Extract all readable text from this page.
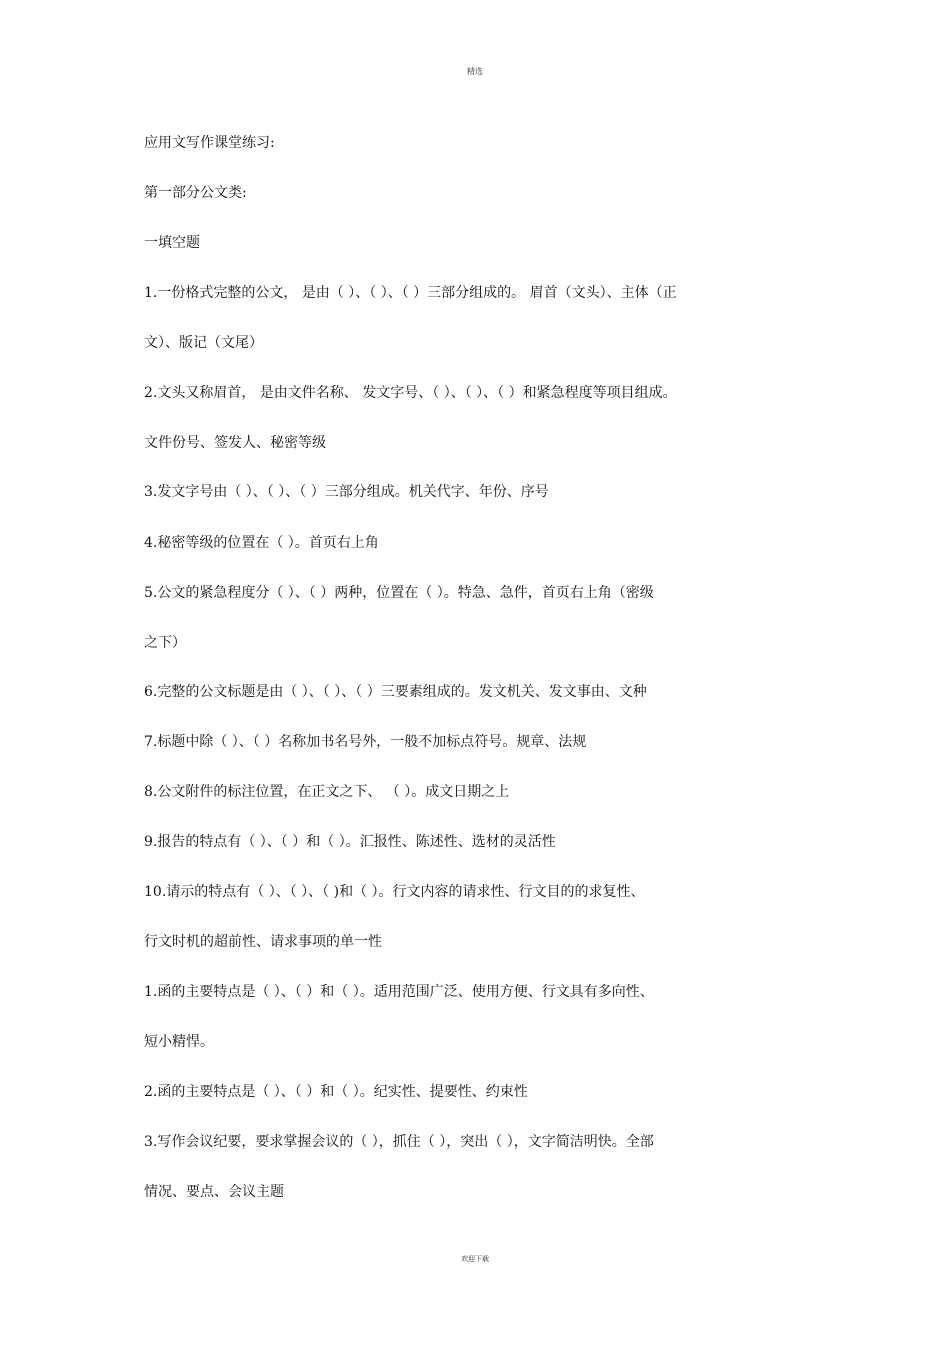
精选
应用文写作课堂练习:
第一部分公文类:
一填空题
1.一份格式完整的公文， 是由（ ）、（ ）、（ ）三部分组成的。 眉首（文头）、主体（正
文）、版记（文尾）
2.文头又称眉首， 是由文件名称、 发文字号、（ ）、（ ）、（ ）和紧急程度等项目组成。
文件份号、签发人、秘密等级
3.发文字号由（ ）、（ ）、（ ）三部分组成。机关代字、年份、序号
4.秘密等级的位置在（ ）。首页右上角
5.公文的紧急程度分（ ）、（ ）两种，位置在（ ）。特急、急件，首页右上角（密级
之下）
6.完整的公文标题是由（ ）、（ ）、（ ）三要素组成的。发文机关、发文事由、文种
7.标题中除（ ）、（ ）名称加书名号外，一般不加标点符号。规章、法规
8.公文附件的标注位置，在正文之下、 （ ）。成文日期之上
9.报告的特点有（ ）、（ ）和（ ）。汇报性、陈述性、选材的灵活性
10.请示的特点有（ ）、（ ）、（ )和（ ）。行文内容的请求性、行文目的的求复性、
行文时机的超前性、请求事项的单一性
1.函的主要特点是（ ）、（ ）和（ ）。适用范围广泛、使用方便、行文具有多向性、
短小精悍。
2.函的主要特点是（ ）、（ ）和（ ）。纪实性、提要性、约束性
3.写作会议纪要，要求掌握会议的（ ），抓住（ ），突出（ ），文字简洁明快。全部
情况、要点、会议主题
欢迎下载
